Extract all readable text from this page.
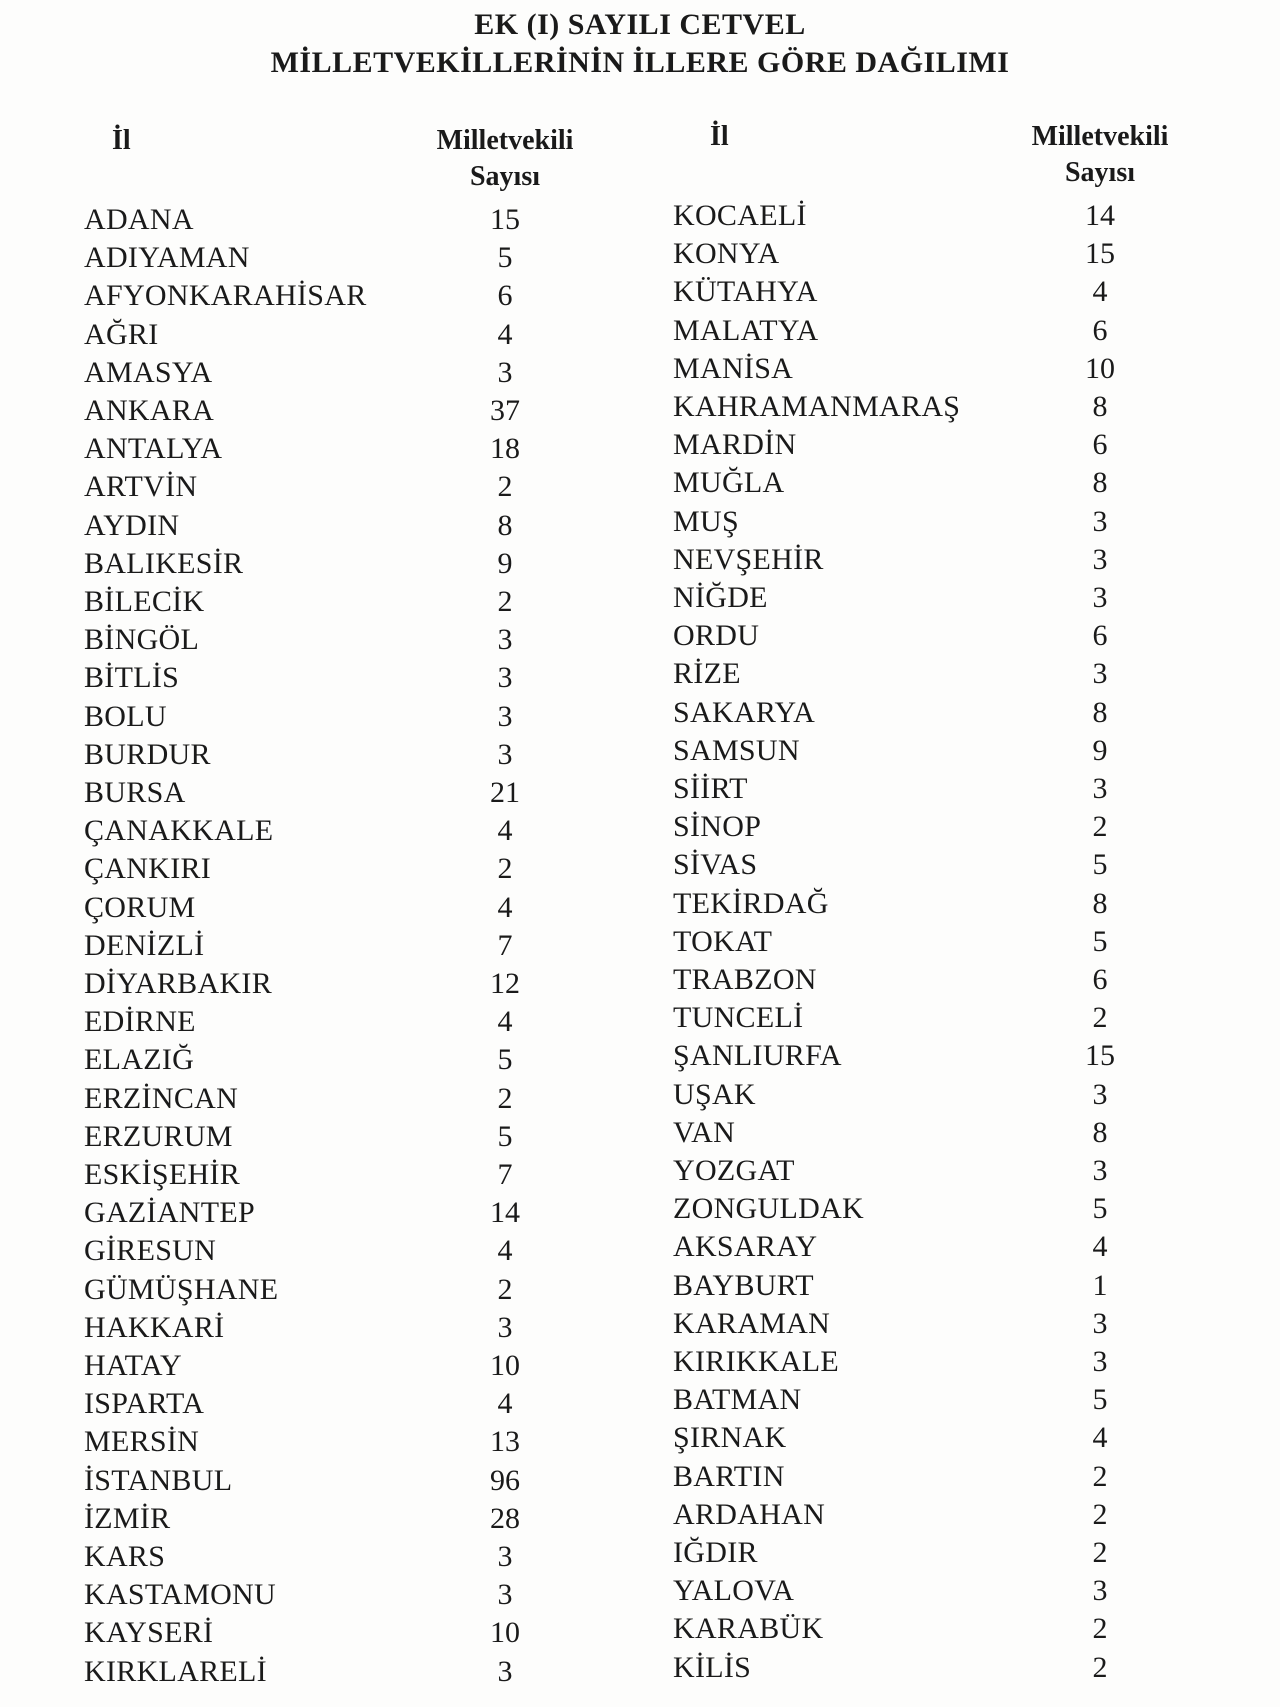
EK (I) SAYILI CETVEL
MİLLETVEKİLLERİNİN İLLERE GÖRE DAĞILIMI
İl	Milletvekili
Sayısı
İl	Milletvekili
Sayısı
ADANA	15
ADIYAMAN	5
AFYONKARAHİSAR	6
AĞRI	4
AMASYA	3
ANKARA	37
ANTALYA	18
ARTVİN	2
AYDIN	8
BALIKESİR	9
BİLECİK	2
BİNGÖL	3
BİTLİS	3
BOLU	3
BURDUR	3
BURSA	21
ÇANAKKALE	4
ÇANKIRI	2
ÇORUM	4
DENİZLİ	7
DİYARBAKIR	12
EDİRNE	4
ELAZIĞ	5
ERZİNCAN	2
ERZURUM	5
ESKİŞEHİR	7
GAZİANTEP	14
GİRESUN	4
GÜMÜŞHANE	2
HAKKARİ	3
HATAY	10
ISPARTA	4
MERSİN	13
İSTANBUL	96
İZMİR	28
KARS	3
KASTAMONU	3
KAYSERİ	10
KIRKLARELİ	3
KOCAELİ	14
KONYA	15
KÜTAHYA	4
MALATYA	6
MANİSA	10
KAHRAMANMARAŞ	8
MARDİN	6
MUĞLA	8
MUŞ	3
NEVŞEHİR	3
NİĞDE	3
ORDU	6
RİZE	3
SAKARYA	8
SAMSUN	9
SİİRT	3
SİNOP	2
SİVAS	5
TEKİRDAĞ	8
TOKAT	5
TRABZON	6
TUNCELİ	2
ŞANLIURFA	15
UŞAK	3
VAN	8
YOZGAT	3
ZONGULDAK	5
AKSARAY	4
BAYBURT	1
KARAMAN	3
KIRIKKALE	3
BATMAN	5
ŞIRNAK	4
BARTIN	2
ARDAHAN	2
IĞDIR	2
YALOVA	3
KARABÜK	2
KİLİS	2
